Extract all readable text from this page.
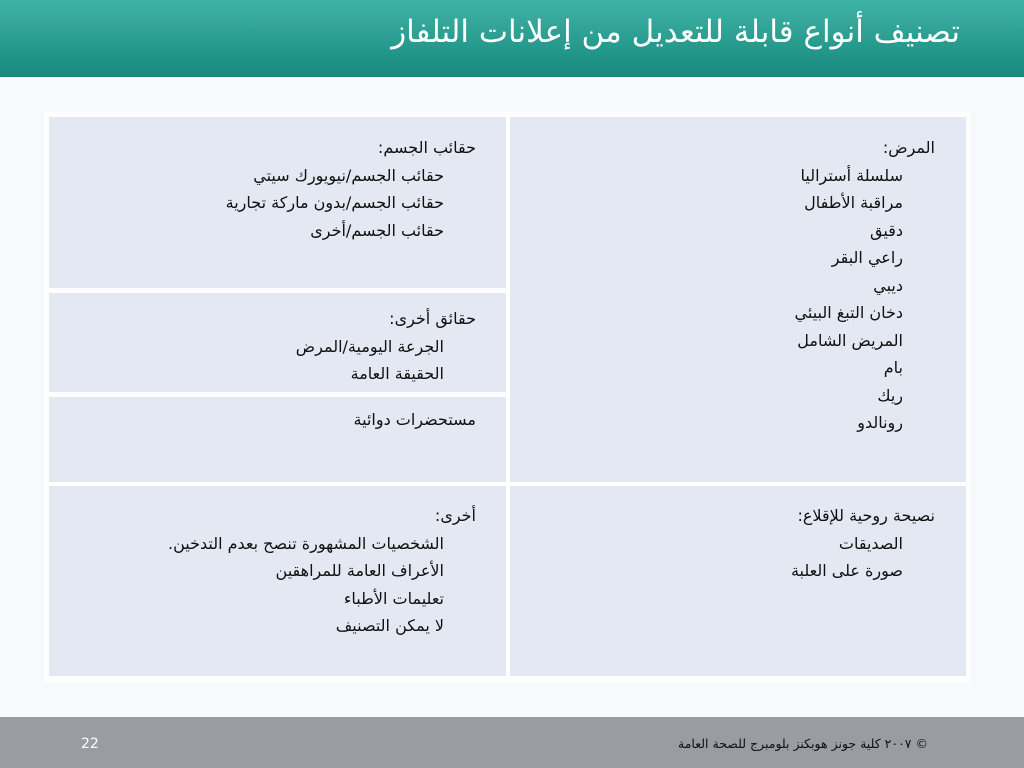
تصنيف أنواع قابلة للتعديل من إعلانات التلفاز
المرض:
سلسلة أستراليا
مراقبة الأطفال
دقيق
راعي البقر
ديبي
دخان التبغ البيئي
المريض الشامل
بام
ريك
رونالدو
حقائب الجسم:
حقائب الجسم/نيويورك سيتي
حقائب الجسم/بدون ماركة تجارية
حقائب الجسم/أخرى
حقائق أخرى:
الجرعة اليومية/المرض
الحقيقة العامة
مستحضرات دوائية
نصيحة روحية للإقلاع:
الصديقات
صورة على العلبة
أخرى:
الشخصيات المشهورة تنصح بعدم التدخين.
الأعراف العامة للمراهقين
تعليمات الأطباء
لا يمكن التصنيف
© ٢٠٠٧ كلية جونز هوبكنز بلومبرج للصحة العامة
22
